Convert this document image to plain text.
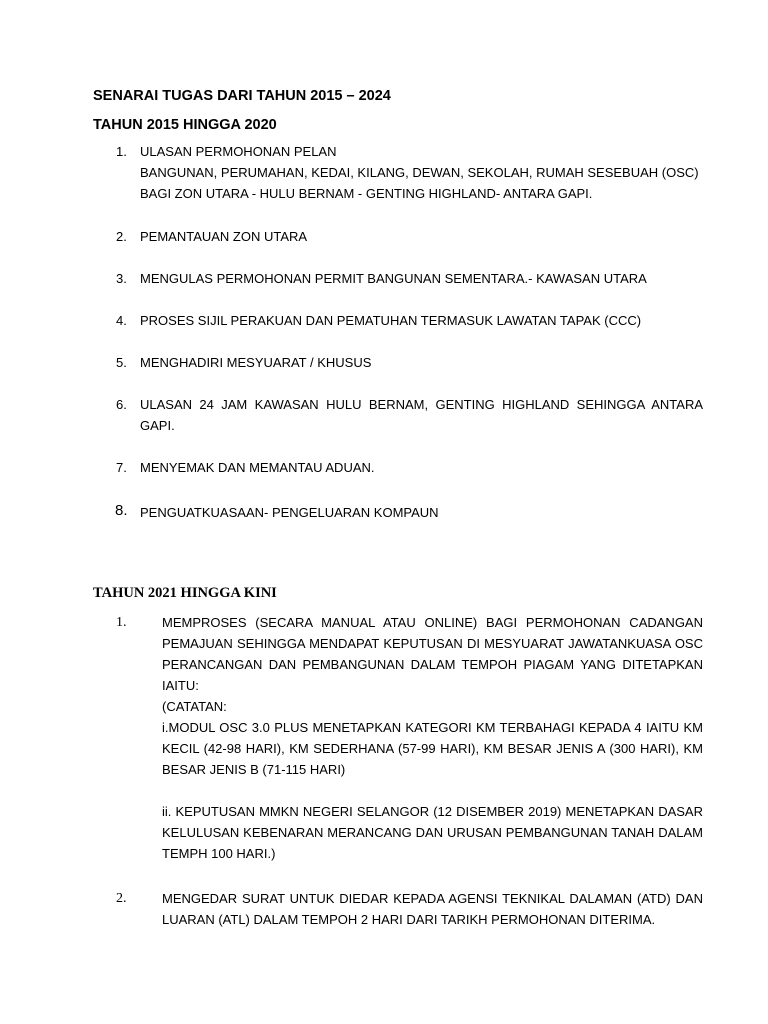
SENARAI TUGAS DARI TAHUN 2015 – 2024
TAHUN 2015 HINGGA 2020
1. ULASAN PERMOHONAN PELAN
BANGUNAN, PERUMAHAN, KEDAI, KILANG, DEWAN, SEKOLAH, RUMAH SESEBUAH (OSC)
BAGI ZON UTARA - HULU BERNAM - GENTING HIGHLAND- ANTARA GAPI.
2. PEMANTAUAN ZON UTARA
3. MENGULAS PERMOHONAN PERMIT BANGUNAN SEMENTARA.- KAWASAN UTARA
4. PROSES SIJIL PERAKUAN DAN PEMATUHAN TERMASUK LAWATAN TAPAK (CCC)
5. MENGHADIRI MESYUARAT / KHUSUS
6. ULASAN 24 JAM KAWASAN HULU BERNAM, GENTING HIGHLAND SEHINGGA ANTARA GAPI.
7. MENYEMAK DAN MEMANTAU ADUAN.
8. PENGUATKUASAAN- PENGELUARAN KOMPAUN
TAHUN 2021 HINGGA KINI
1.	MEMPROSES (SECARA MANUAL ATAU ONLINE) BAGI PERMOHONAN CADANGAN PEMAJUAN SEHINGGA MENDAPAT KEPUTUSAN DI MESYUARAT JAWATANKUASA OSC PERANCANGAN DAN PEMBANGUNAN DALAM TEMPOH PIAGAM YANG DITETAPKAN IAITU:
(CATATAN:
i.MODUL OSC 3.0 PLUS MENETAPKAN KATEGORI KM TERBAHAGI KEPADA 4 IAITU KM KECIL (42-98 HARI), KM SEDERHANA (57-99 HARI), KM BESAR JENIS A (300 HARI), KM BESAR JENIS B (71-115 HARI)
ii. KEPUTUSAN MMKN NEGERI SELANGOR (12 DISEMBER 2019) MENETAPKAN DASAR KELULUSAN KEBENARAN MERANCANG DAN URUSAN PEMBANGUNAN TANAH DALAM TEMPH 100 HARI.)
2.	MENGEDAR SURAT UNTUK DIEDAR KEPADA AGENSI TEKNIKAL DALAMAN (ATD) DAN LUARAN (ATL) DALAM TEMPOH 2 HARI DARI TARIKH PERMOHONAN DITERIMA.
